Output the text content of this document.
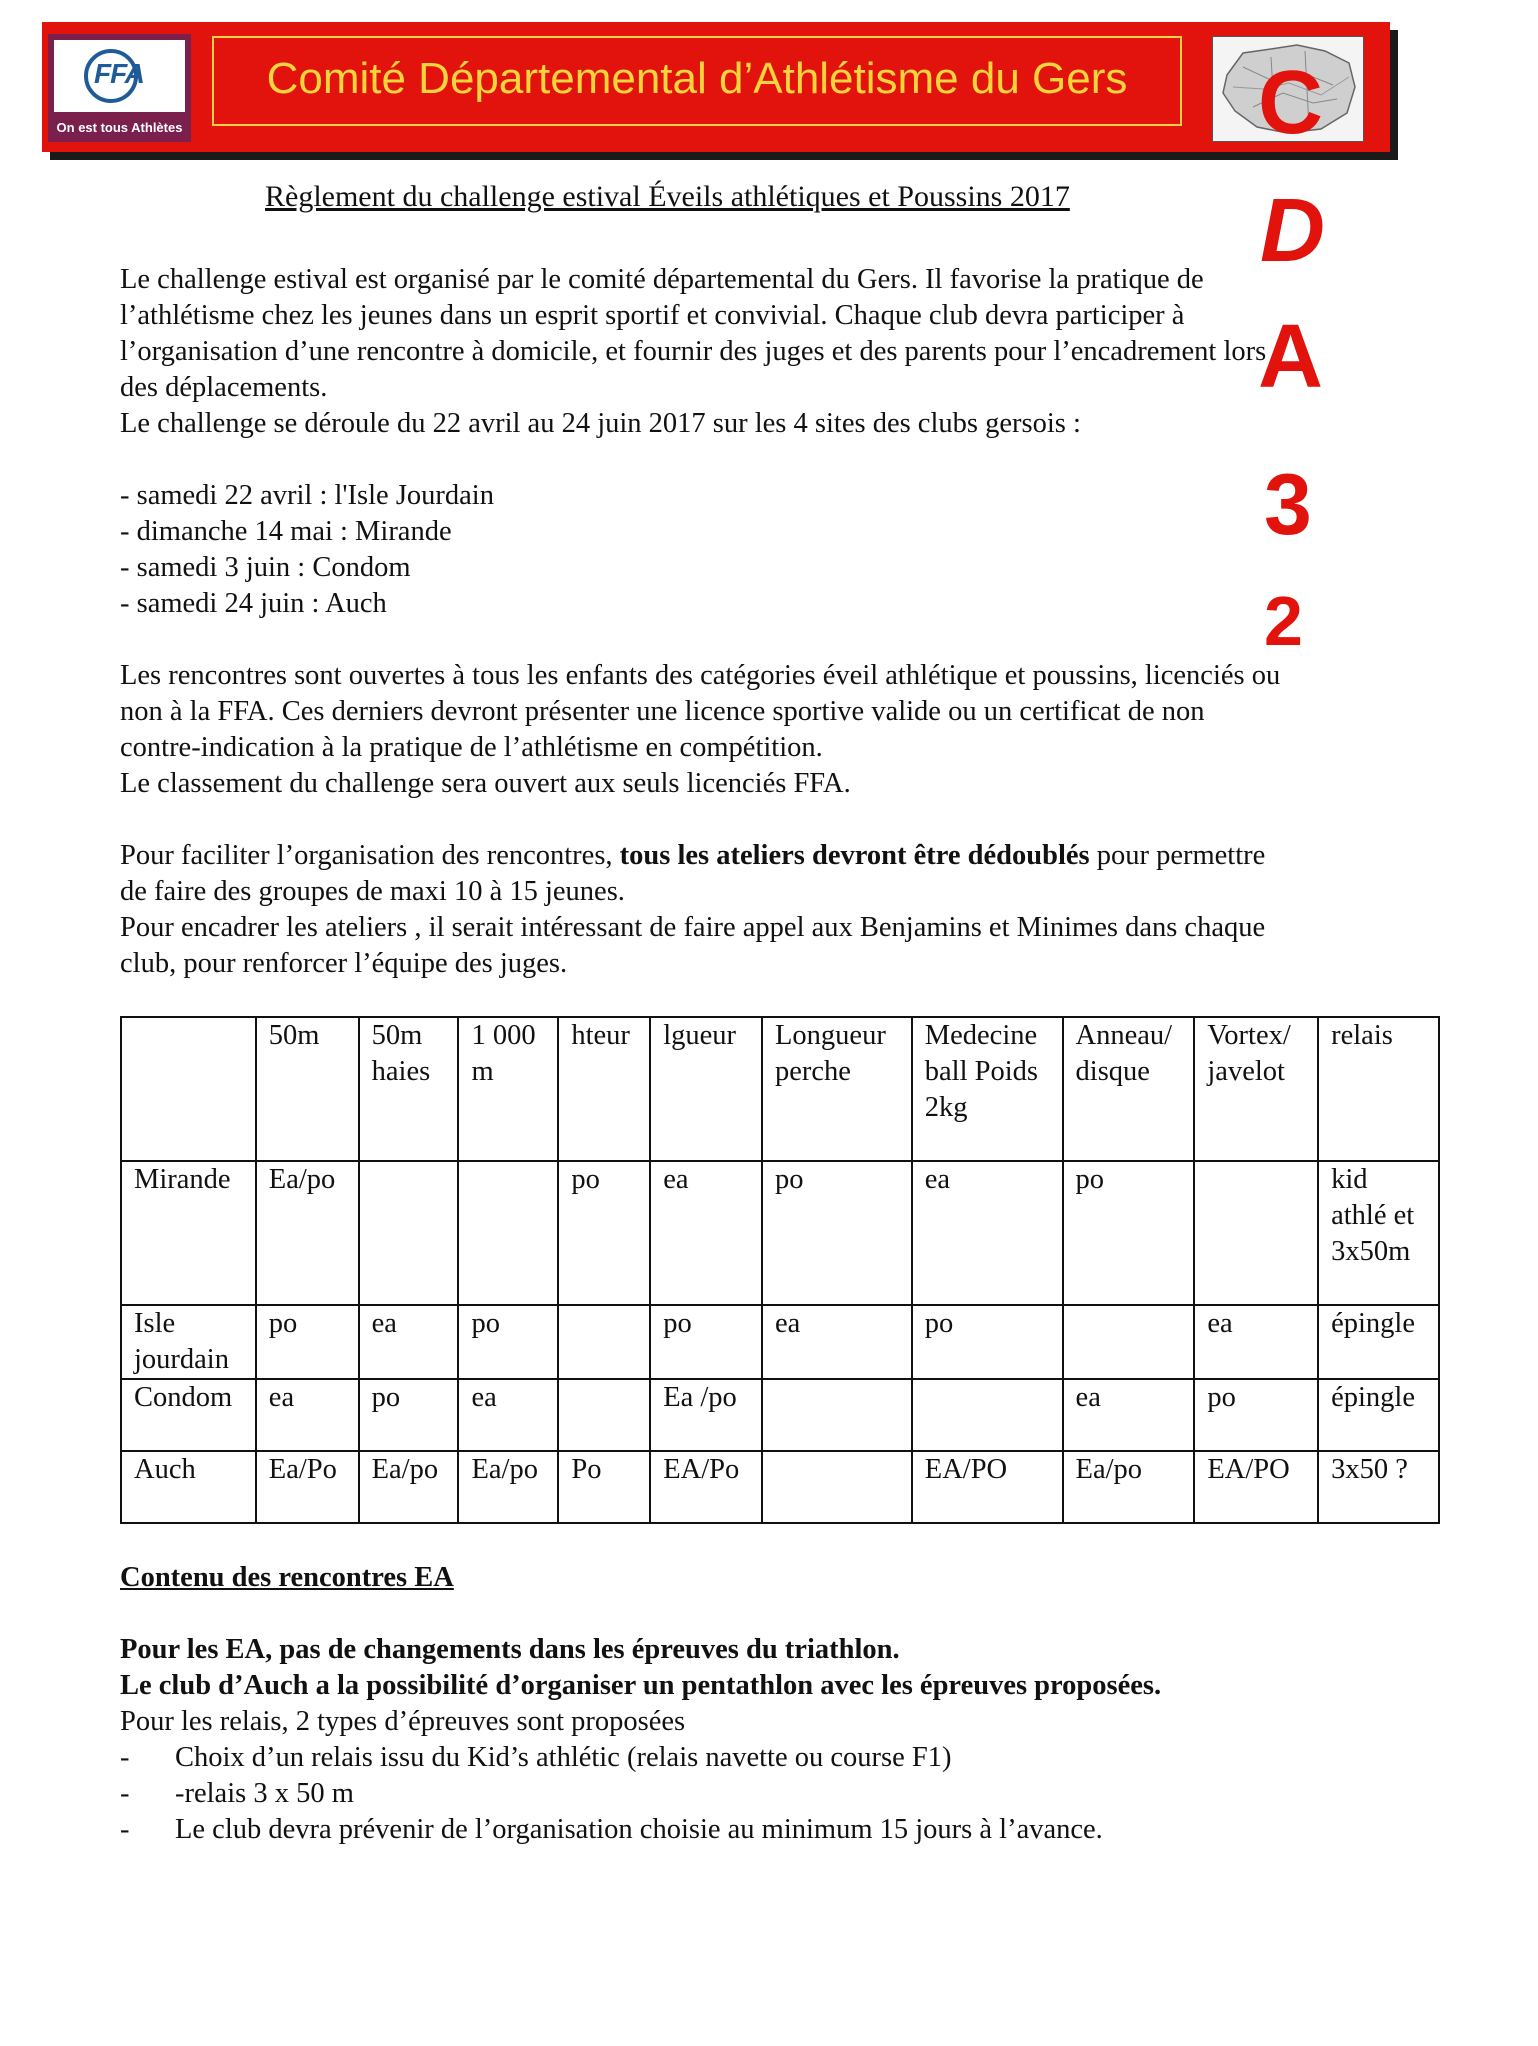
FFA
On est tous Athlètes
Comité Départemental d’Athlétisme du Gers	C
D
A
3
2
Règlement du challenge estival Éveils athlétiques et Poussins 2017

Le challenge estival est organisé par le comité départemental du Gers. Il favorise la pratique de

l’athlétisme chez les jeunes dans un esprit sportif et convivial. Chaque club devra participer à

l’organisation d’une rencontre à domicile, et fournir des juges et des parents pour l’encadrement lors

des déplacements.

Le challenge se déroule du 22 avril au 24 juin 2017 sur les 4 sites des clubs gersois :

- samedi 22 avril : l'Isle Jourdain

- dimanche 14 mai : Mirande

- samedi 3 juin : Condom

- samedi 24 juin : Auch

Les rencontres sont ouvertes à tous les enfants des catégories éveil athlétique et poussins, licenciés ou

non à la FFA. Ces derniers devront présenter une licence sportive valide ou un certificat de non

contre-indication à la pratique de l’athlétisme en compétition.

Le classement du challenge sera ouvert aux seuls licenciés FFA.

Pour faciliter l’organisation des rencontres, tous les ateliers devront être dédoublés pour permettre

de faire des groupes de maxi 10 à 15 jeunes.

Pour encadrer les ateliers , il serait intéressant de faire appel aux Benjamins et Minimes dans chaque

club, pour renforcer l’équipe des juges.

	50m	50m haies	1 000 m	hteur	lgueur	Longueur perche	Medecine ball Poids 2kg	Anneau/ disque	Vortex/ javelot	relais
Mirande	Ea/po			po	ea	po	ea	po		kid athlé et 3x50m
Isle jourdain	po	ea	po		po	ea	po		ea	épingle
Condom	ea	po	ea		Ea /po			ea	po	épingle
Auch	Ea/Po	Ea/po	Ea/po	Po	EA/Po		EA/PO	Ea/po	EA/PO	3x50 ?
Contenu des rencontres EA
Pour les EA, pas de changements dans les épreuves du triathlon.
Le club d’Auch a la possibilité d’organiser un pentathlon avec les épreuves proposées.
Pour les relais, 2 types d’épreuves sont proposées
- Choix d’un relais issu du Kid’s athlétic (relais navette ou course F1)
- -relais 3 x 50 m
- Le club devra prévenir de l’organisation choisie au minimum 15 jours à l’avance.
